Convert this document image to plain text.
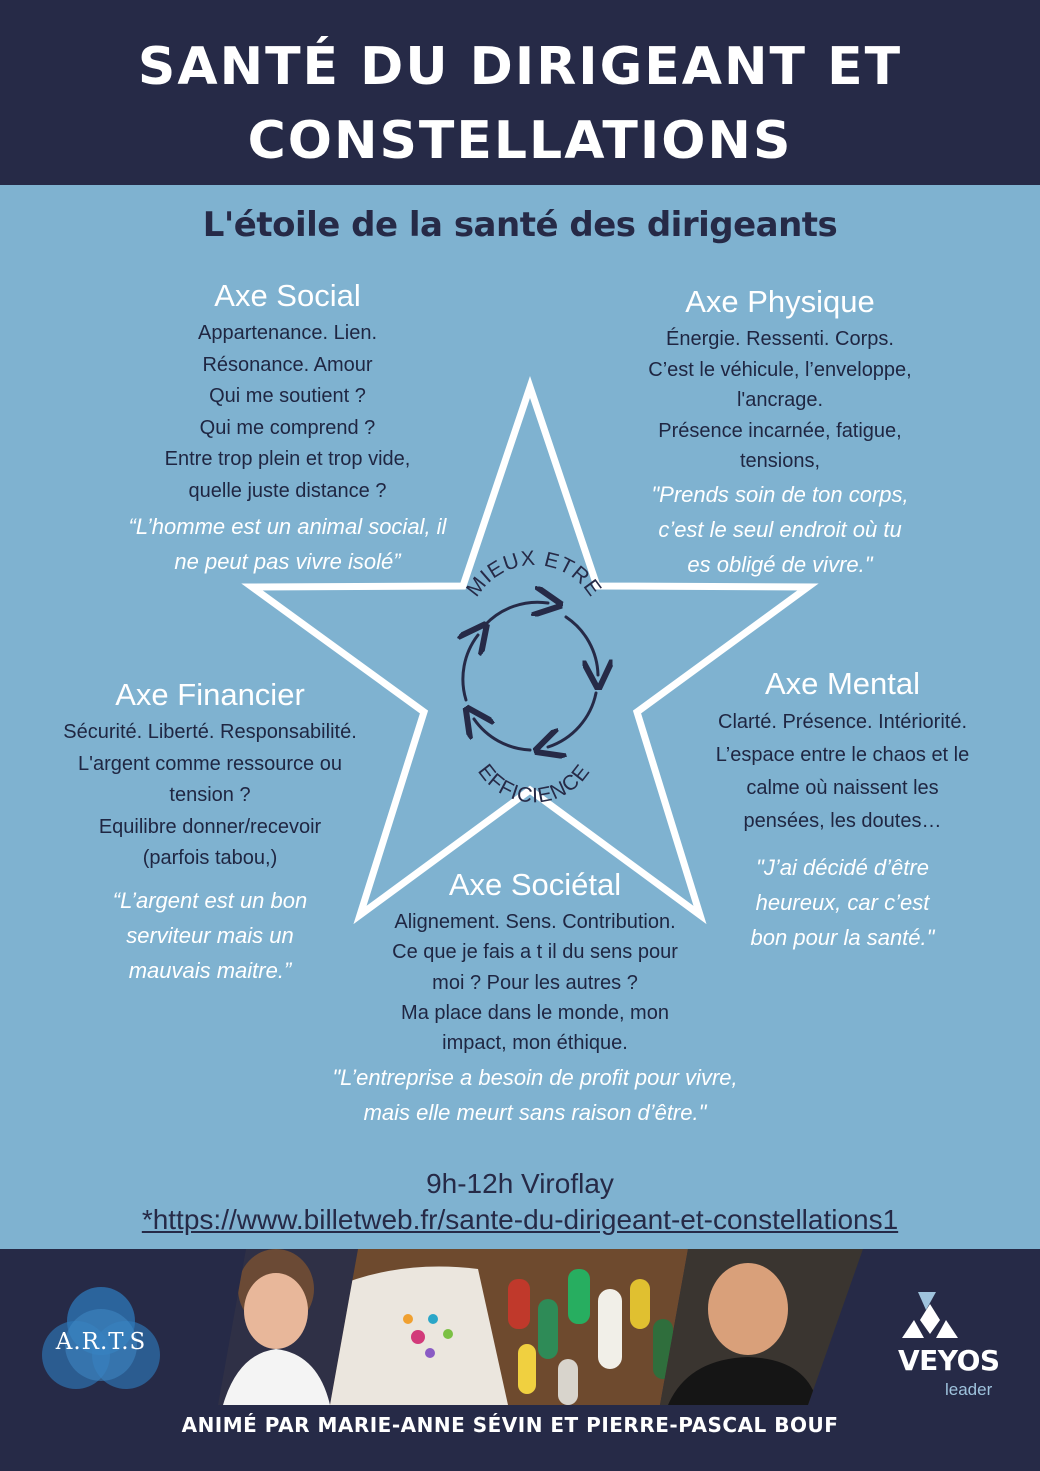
SANTÉ DU DIRIGEANT ET
CONSTELLATIONS
L'étoile de la santé des dirigeants
MIEUX ETRE
EFFICIENCE
Axe Social
Appartenance. Lien.
Résonance. Amour
Qui me soutient ?
Qui me comprend ?
Entre trop plein et trop vide,
quelle juste distance ?
“L’homme est un animal social, il
ne peut pas vivre isolé”
Axe Physique
Énergie. Ressenti. Corps.
C’est le véhicule, l’enveloppe,
l'ancrage.
Présence incarnée, fatigue,
tensions,
"Prends soin de ton corps,
c’est le seul endroit où tu
es obligé de vivre."
Axe Financier
Sécurité. Liberté. Responsabilité.
L'argent comme ressource ou
tension ?
Equilibre donner/recevoir
(parfois tabou,)
“L’argent est un bon
serviteur mais un
mauvais maitre.”
Axe Mental
Clarté. Présence. Intériorité.
L’espace entre le chaos et le
calme où naissent les
pensées, les doutes…
"J’ai décidé d’être
heureux, car c’est
bon pour la santé."
Axe Sociétal
Alignement. Sens. Contribution.
Ce que je fais a t il du sens pour
moi ? Pour les autres ?
Ma place dans le monde, mon
impact, mon éthique.
"L’entreprise a besoin de profit pour vivre,
mais elle meurt sans raison d’être."
9h-12h Viroflay
*https://www.billetweb.fr/sante-du-dirigeant-et-constellations1
A.R.T.S
VEYOS
leader
ANIMÉ PAR MARIE-ANNE SÉVIN ET PIERRE-PASCAL BOUF
